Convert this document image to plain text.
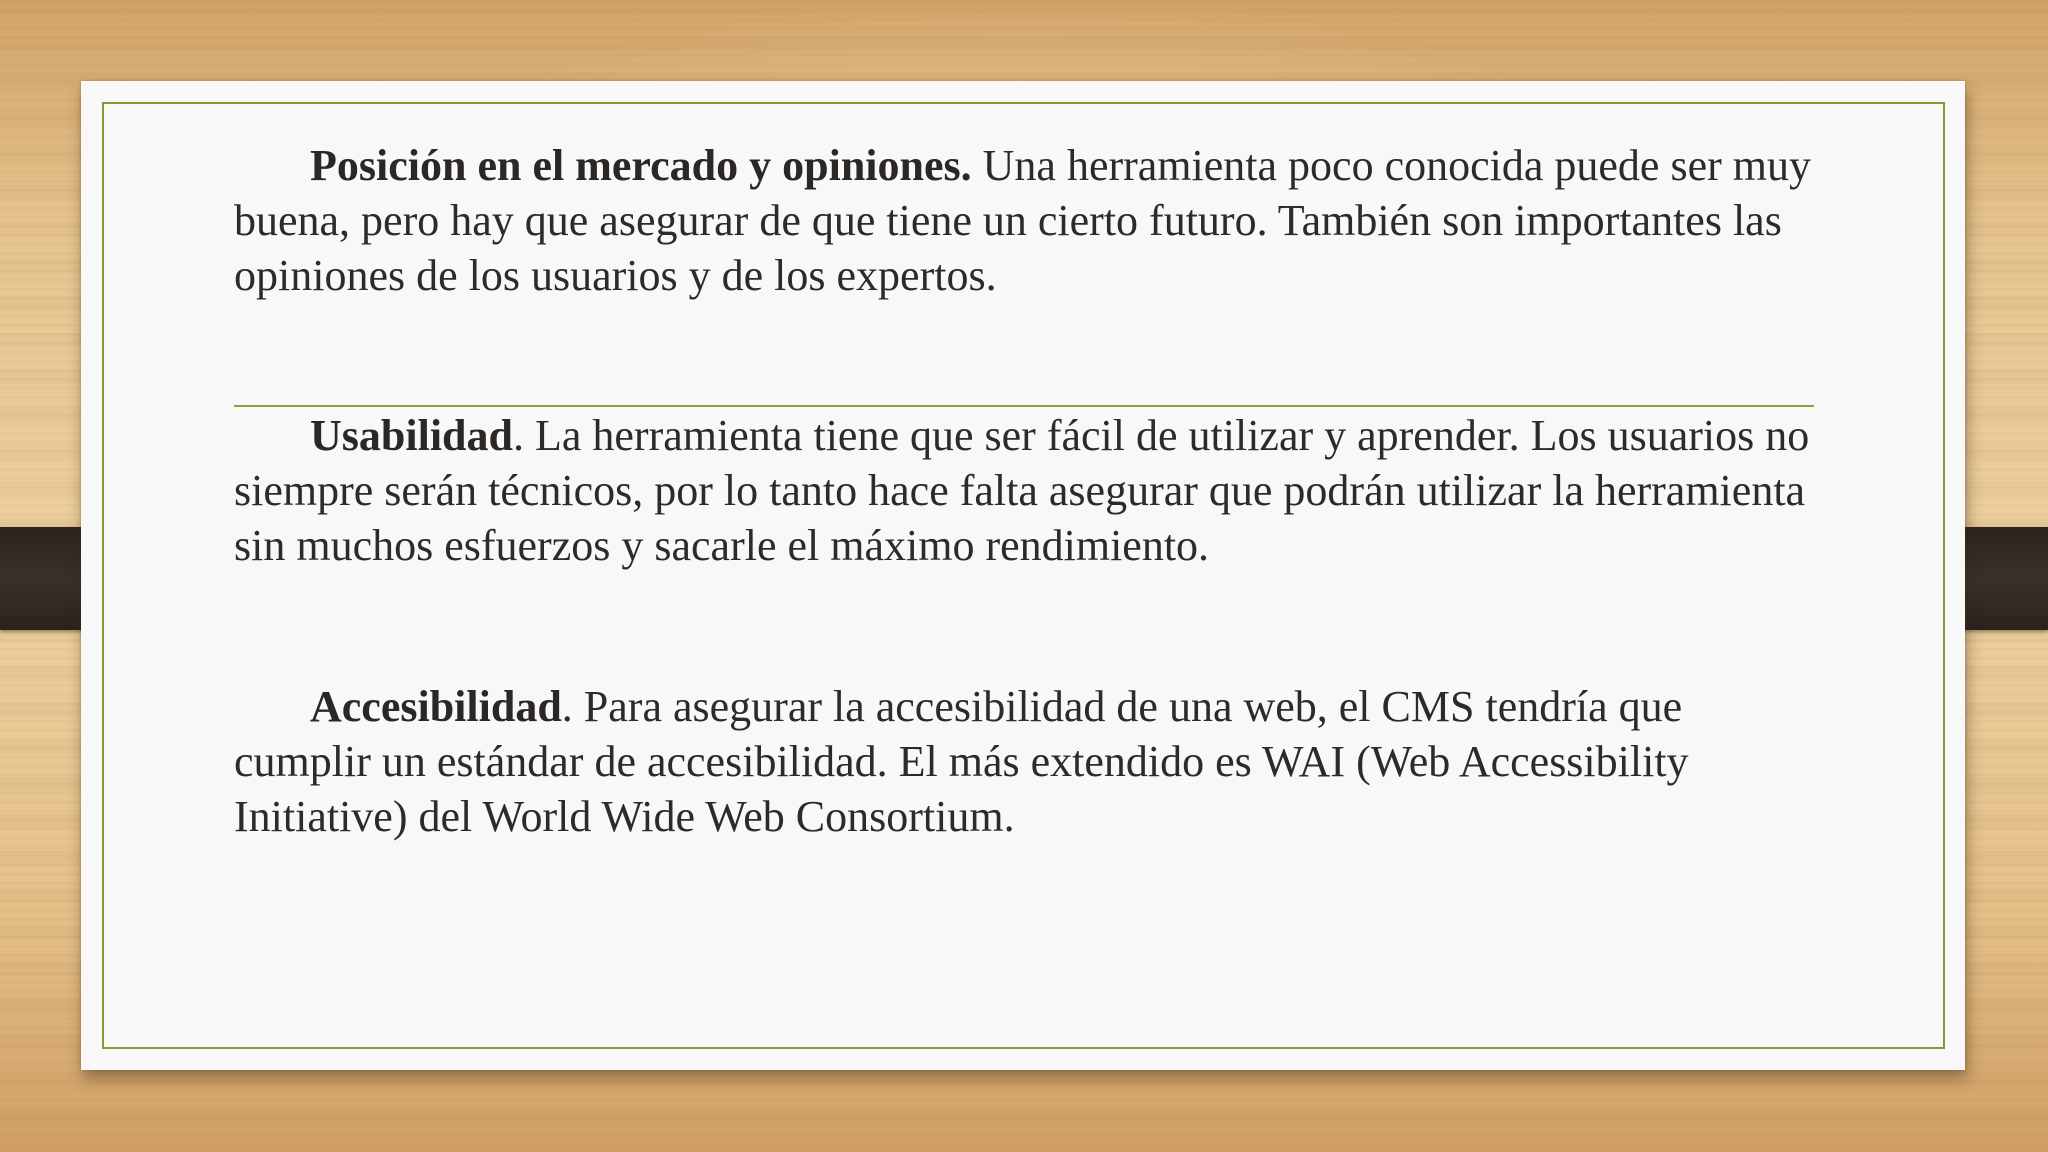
Posición en el mercado y opiniones. Una herramienta poco conocida puede ser muy buena, pero hay que asegurar de que tiene un cierto futuro. También son importantes las opiniones de los usuarios y de los expertos.

Usabilidad. La herramienta tiene que ser fácil de utilizar y aprender. Los usuarios no siempre serán técnicos, por lo tanto hace falta asegurar que podrán utilizar la herramienta sin muchos esfuerzos y sacarle el máximo rendimiento.

Accesibilidad. Para asegurar la accesibilidad de una web, el CMS tendría que cumplir un estándar de accesibilidad. El más extendido es WAI (Web Accessibility Initiative) del World Wide Web Consortium.
